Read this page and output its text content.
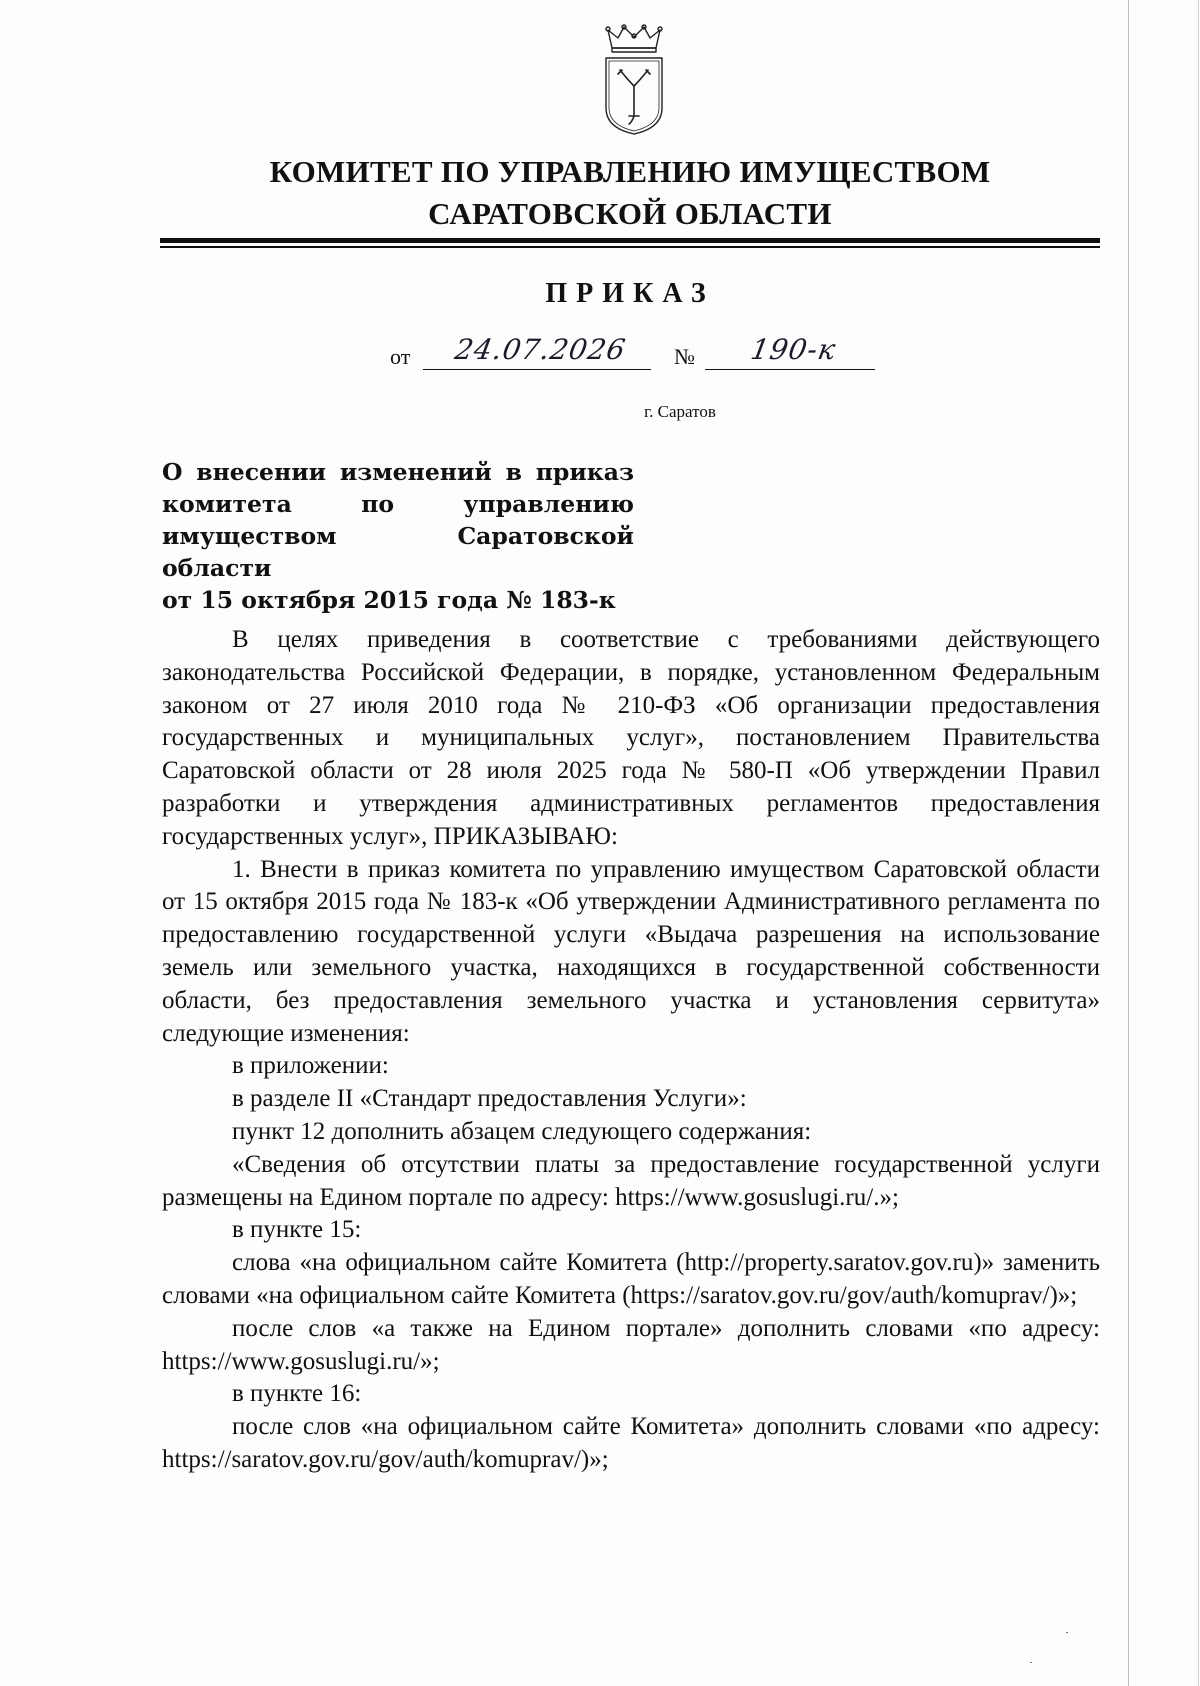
КОМИТЕТ ПО УПРАВЛЕНИЮ ИМУЩЕСТВОМ
САРАТОВСКОЙ ОБЛАСТИ
ПРИКАЗ
от	24.07.2026	№	190-к
г. Саратов
О внесении изменений в приказ
комитета по управлению
имуществом Саратовской области
от 15 октября 2015 года № 183-к

В целях приведения в соответствие с требованиями действующего законодательства Российской Федерации, в порядке, установленном Федеральным законом от 27 июля 2010 года № 210-ФЗ «Об организации предоставления государственных и муниципальных услуг», постановлением Правительства Саратовской области от 28 июля 2025 года № 580-П «Об утверждении Правил разработки и утверждения административных регламентов предоставления государственных услуг», ПРИКАЗЫВАЮ:

1. Внести в приказ комитета по управлению имуществом Саратовской области от 15 октября 2015 года № 183-к «Об утверждении Административного регламента по предоставлению государственной услуги «Выдача разрешения на использование земель или земельного участка, находящихся в государственной собственности области, без предоставления земельного участка и установления сервитута» следующие изменения:

в приложении:

в разделе II «Стандарт предоставления Услуги»:

пункт 12 дополнить абзацем следующего содержания:

«Сведения об отсутствии платы за предоставление государственной услуги размещены на Едином портале по адресу: https://www.gosuslugi.ru/.»;

в пункте 15:

слова «на официальном сайте Комитета (http://property.saratov.gov.ru)» заменить словами «на официальном сайте Комитета (https://saratov.gov.ru/gov/auth/komuprav/)»;

после слов «а также на Едином портале» дополнить словами «по адресу: https://www.gosuslugi.ru/»;

в пункте 16:

после слов «на официальном сайте Комитета» дополнить словами «по адресу: https://saratov.gov.ru/gov/auth/komuprav/)»;
